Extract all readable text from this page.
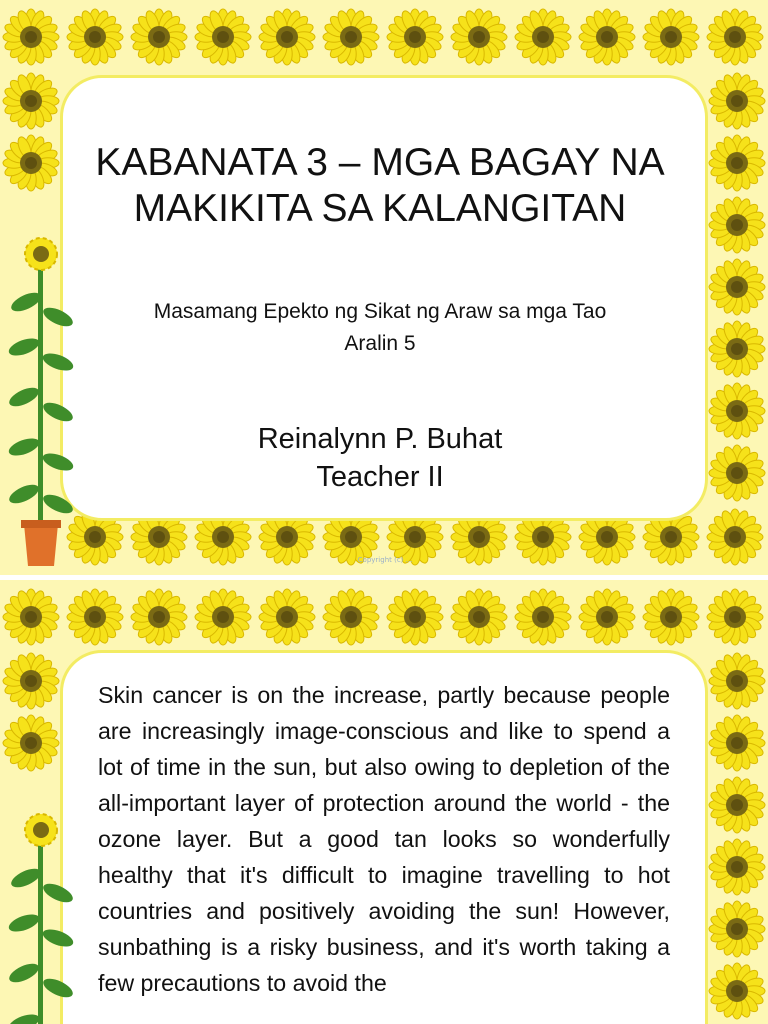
KABANATA 3 – MGA BAGAY NA MAKIKITA SA KALANGITAN
Masamang Epekto ng Sikat ng Araw sa mga Tao
Aralin 5
Reinalynn P. Buhat
Teacher II
Copyright (c) ...

Skin cancer is on the increase, partly because people are increasingly image-conscious and like to spend a lot of time in the sun, but also owing to depletion of the all-important layer of protection around the world - the ozone layer. But a good tan looks so wonderfully healthy that it's difficult to imagine travelling to hot countries and positively avoiding the sun! However, sunbathing is a risky business, and it's worth taking a few precautions to avoid the
